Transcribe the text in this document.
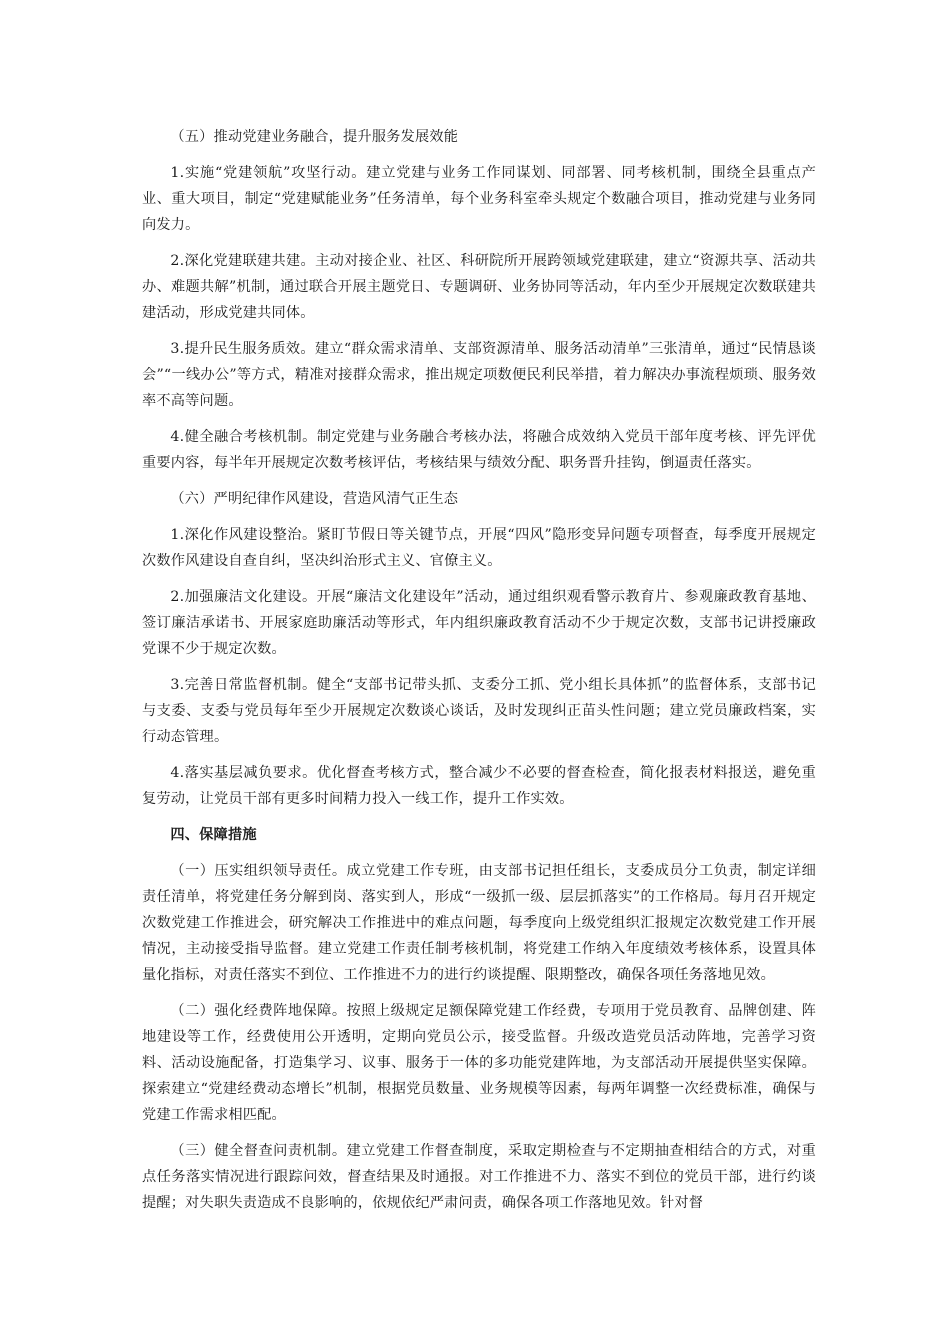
（五）推动党建业务融合，提升服务发展效能

1.实施“党建领航”攻坚行动。建立党建与业务工作同谋划、同部署、同考核机制，围绕全县重点产业、重大项目，制定“党建赋能业务”任务清单，每个业务科室牵头规定个数融合项目，推动党建与业务同向发力。

2.深化党建联建共建。主动对接企业、社区、科研院所开展跨领域党建联建，建立“资源共享、活动共办、难题共解”机制，通过联合开展主题党日、专题调研、业务协同等活动，年内至少开展规定次数联建共建活动，形成党建共同体。

3.提升民生服务质效。建立“群众需求清单、支部资源清单、服务活动清单”三张清单，通过“民情恳谈会”“一线办公”等方式，精准对接群众需求，推出规定项数便民利民举措，着力解决办事流程烦琐、服务效率不高等问题。

4.健全融合考核机制。制定党建与业务融合考核办法，将融合成效纳入党员干部年度考核、评先评优重要内容，每半年开展规定次数考核评估，考核结果与绩效分配、职务晋升挂钩，倒逼责任落实。

（六）严明纪律作风建设，营造风清气正生态

1.深化作风建设整治。紧盯节假日等关键节点，开展“四风”隐形变异问题专项督查，每季度开展规定次数作风建设自查自纠，坚决纠治形式主义、官僚主义。

2.加强廉洁文化建设。开展“廉洁文化建设年”活动，通过组织观看警示教育片、参观廉政教育基地、签订廉洁承诺书、开展家庭助廉活动等形式，年内组织廉政教育活动不少于规定次数，支部书记讲授廉政党课不少于规定次数。

3.完善日常监督机制。健全“支部书记带头抓、支委分工抓、党小组长具体抓”的监督体系，支部书记与支委、支委与党员每年至少开展规定次数谈心谈话，及时发现纠正苗头性问题；建立党员廉政档案，实行动态管理。

4.落实基层减负要求。优化督查考核方式，整合减少不必要的督查检查，简化报表材料报送，避免重复劳动，让党员干部有更多时间精力投入一线工作，提升工作实效。

四、保障措施

（一）压实组织领导责任。成立党建工作专班，由支部书记担任组长，支委成员分工负责，制定详细责任清单，将党建任务分解到岗、落实到人，形成“一级抓一级、层层抓落实”的工作格局。每月召开规定次数党建工作推进会，研究解决工作推进中的难点问题，每季度向上级党组织汇报规定次数党建工作开展情况，主动接受指导监督。建立党建工作责任制考核机制，将党建工作纳入年度绩效考核体系，设置具体量化指标，对责任落实不到位、工作推进不力的进行约谈提醒、限期整改，确保各项任务落地见效。

（二）强化经费阵地保障。按照上级规定足额保障党建工作经费，专项用于党员教育、品牌创建、阵地建设等工作，经费使用公开透明，定期向党员公示，接受监督。升级改造党员活动阵地，完善学习资料、活动设施配备，打造集学习、议事、服务于一体的多功能党建阵地，为支部活动开展提供坚实保障。探索建立“党建经费动态增长”机制，根据党员数量、业务规模等因素，每两年调整一次经费标准，确保与党建工作需求相匹配。

（三）健全督查问责机制。建立党建工作督查制度，采取定期检查与不定期抽查相结合的方式，对重点任务落实情况进行跟踪问效，督查结果及时通报。对工作推进不力、落实不到位的党员干部，进行约谈提醒；对失职失责造成不良影响的，依规依纪严肃问责，确保各项工作落地见效。针对督
